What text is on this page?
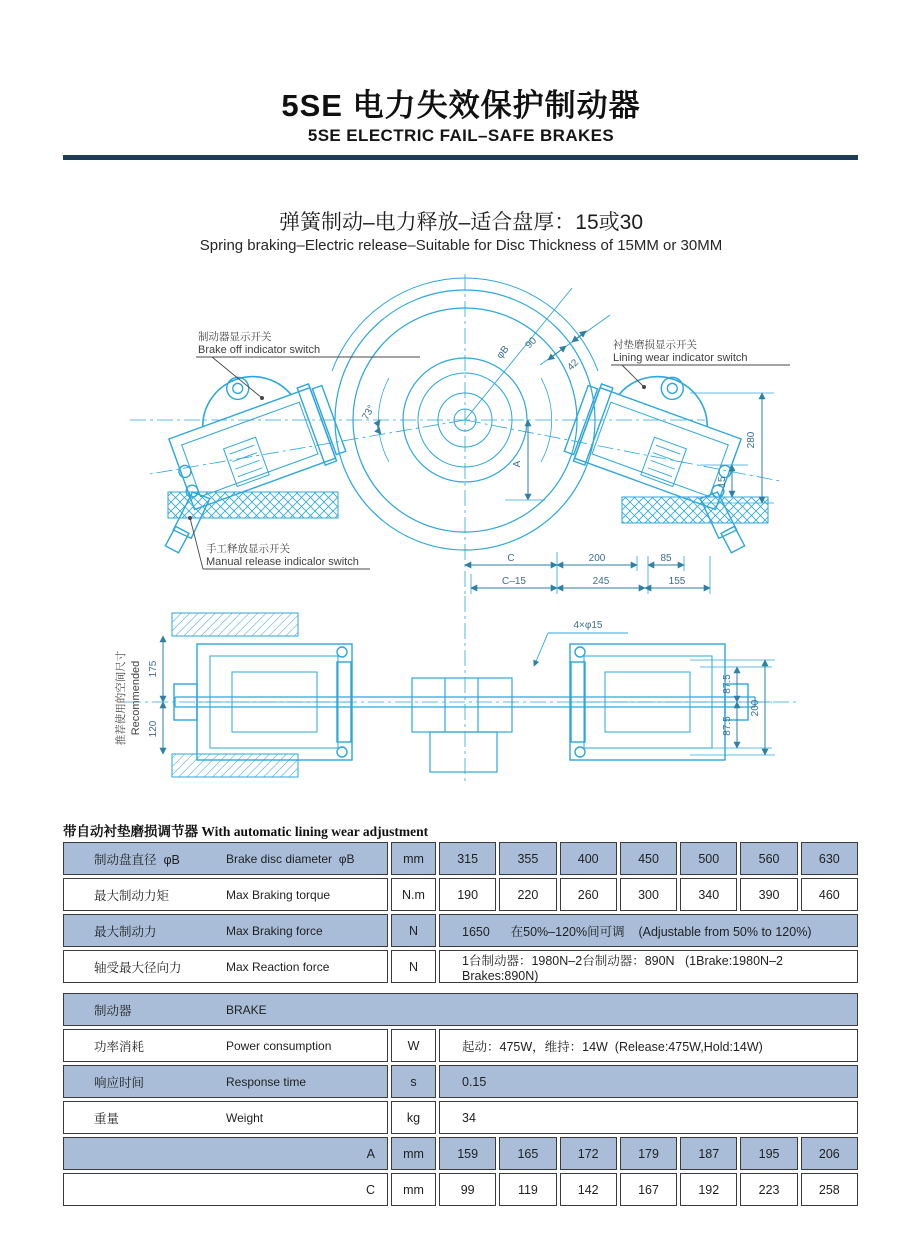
5SE 电力失效保护制动器
5SE ELECTRIC FAIL–SAFE BRAKES
弹簧制动–电力释放–适合盘厚：15或30
Spring braking–Electric release–Suitable for Disc Thickness of 15MM or 30MM
φB
90
42
73°
A
280
15
C	200	85
C–15	245	155
制动器显示开关
Brake off indicator switch	衬垫磨损显示开关
Lining wear indicator switch
手工释放显示开关
Manual release indicalor switch
175
120
推荐使用的空间尺寸 Recommended
4×φ15
87.5
87.5
200
带自动衬垫磨损调节器 With automatic lining wear adjustment
制动盘直径  φB	Brake disc diameter  φB	mm	315	355	400	450	500	560	630
最大制动力矩	Max Braking torque	N.m	190	220	260	300	340	390	460
最大制动力	Max Braking force	N	1650      在50%–120%间可调    (Adjustable from 50% to 120%)
轴受最大径向力	Max Reaction force	N	1台制动器：1980N–2台制动器：890N   (1Brake:1980N–2 Brakes:890N)
制动器	BRAKE
功率消耗	Power consumption	W	起动：475W，维持：14W  (Release:475W,Hold:14W)
响应时间	Response time	s	0.15
重量	Weight	kg	34
A	mm	159	165	172	179	187	195	206
C	mm	99	119	142	167	192	223	258
